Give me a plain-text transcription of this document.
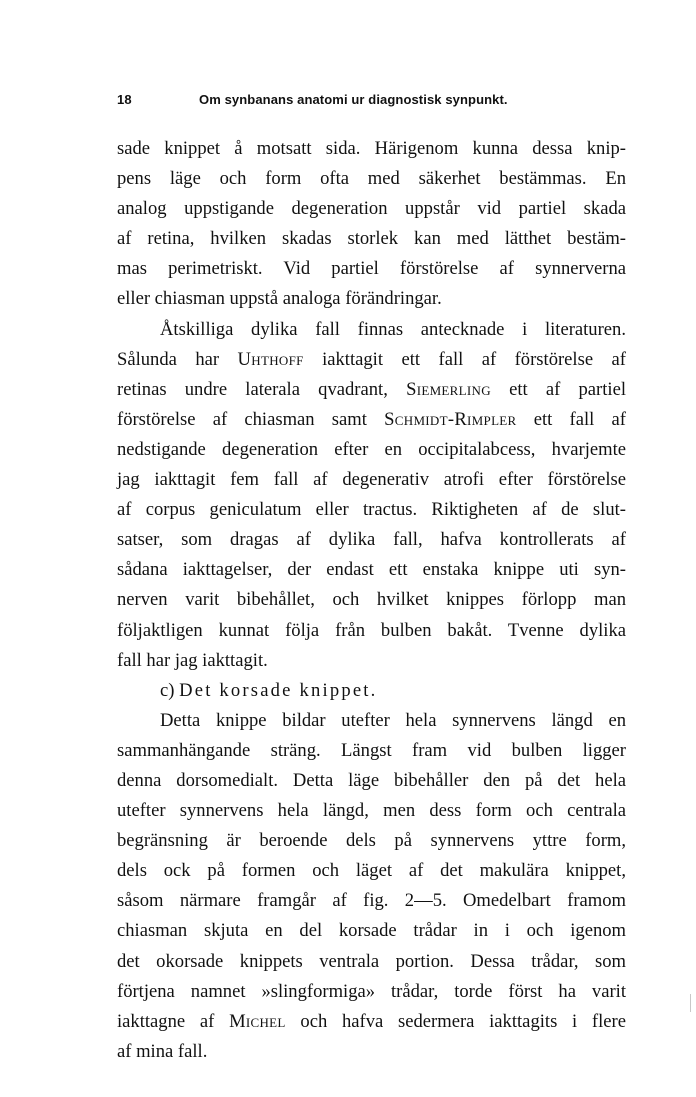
18	Om synbanans anatomi ur diagnostisk synpunkt.

sade knippet å motsatt sida. Härigenom kunna dessa knip-
pens läge och form ofta med säkerhet bestämmas. En
analog uppstigande degeneration uppstår vid partiel skada
af retina, hvilken skadas storlek kan med lätthet bestäm-
mas perimetriskt. Vid partiel förstörelse af synnerverna
eller chiasman uppstå analoga förändringar.

Åtskilliga dylika fall finnas antecknade i literaturen.
Sålunda har Uhthoff iakttagit ett fall af förstörelse af
retinas undre laterala qvadrant, Siemerling ett af partiel
förstörelse af chiasman samt Schmidt-Rimpler ett fall af
nedstigande degeneration efter en occipitalabcess, hvarjemte
jag iakttagit fem fall af degenerativ atrofi efter förstörelse
af corpus geniculatum eller tractus. Riktigheten af de slut-
satser, som dragas af dylika fall, hafva kontrollerats af
sådana iakttagelser, der endast ett enstaka knippe uti syn-
nerven varit bibehållet, och hvilket knippes förlopp man
följaktligen kunnat följa från bulben bakåt. Tvenne dylika
fall har jag iakttagit.

c) Det korsade knippet.

Detta knippe bildar utefter hela synnervens längd en
sammanhängande sträng. Längst fram vid bulben ligger
denna dorsomedialt. Detta läge bibehåller den på det hela
utefter synnervens hela längd, men dess form och centrala
begränsning är beroende dels på synnervens yttre form,
dels ock på formen och läget af det makulära knippet,
såsom närmare framgår af fig. 2—5. Omedelbart framom
chiasman skjuta en del korsade trådar in i och igenom
det okorsade knippets ventrala portion. Dessa trådar, som
förtjena namnet »slingformiga» trådar, torde först ha varit
iakttagne af Michel och hafva sedermera iakttagits i flere
af mina fall.
